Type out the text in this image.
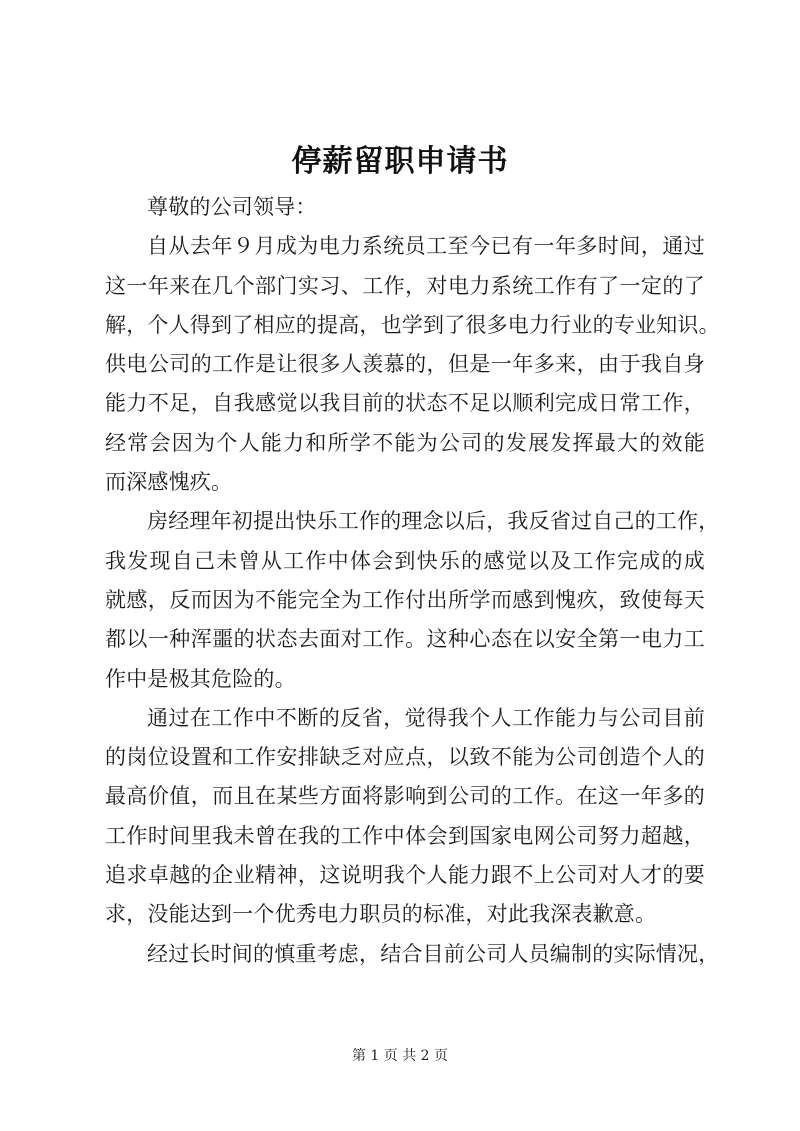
停薪留职申请书

尊敬的公司领导：

自从去年９月成为电力系统员工至今已有一年多时间，通过
这一年来在几个部门实习、工作，对电力系统工作有了一定的了
解，个人得到了相应的提高，也学到了很多电力行业的专业知识。
供电公司的工作是让很多人羡慕的，但是一年多来，由于我自身
能力不足，自我感觉以我目前的状态不足以顺利完成日常工作，
经常会因为个人能力和所学不能为公司的发展发挥最大的效能
而深感愧疚。

房经理年初提出快乐工作的理念以后，我反省过自己的工作，
我发现自己未曾从工作中体会到快乐的感觉以及工作完成的成
就感，反而因为不能完全为工作付出所学而感到愧疚，致使每天
都以一种浑噩的状态去面对工作。这种心态在以安全第一电力工
作中是极其危险的。

通过在工作中不断的反省，觉得我个人工作能力与公司目前
的岗位设置和工作安排缺乏对应点，以致不能为公司创造个人的
最高价值，而且在某些方面将影响到公司的工作。在这一年多的
工作时间里我未曾在我的工作中体会到国家电网公司努力超越，
追求卓越的企业精神，这说明我个人能力跟不上公司对人才的要
求，没能达到一个优秀电力职员的标准，对此我深表歉意。

经过长时间的慎重考虑，结合目前公司人员编制的实际情况，

第 1 页 共 2 页
